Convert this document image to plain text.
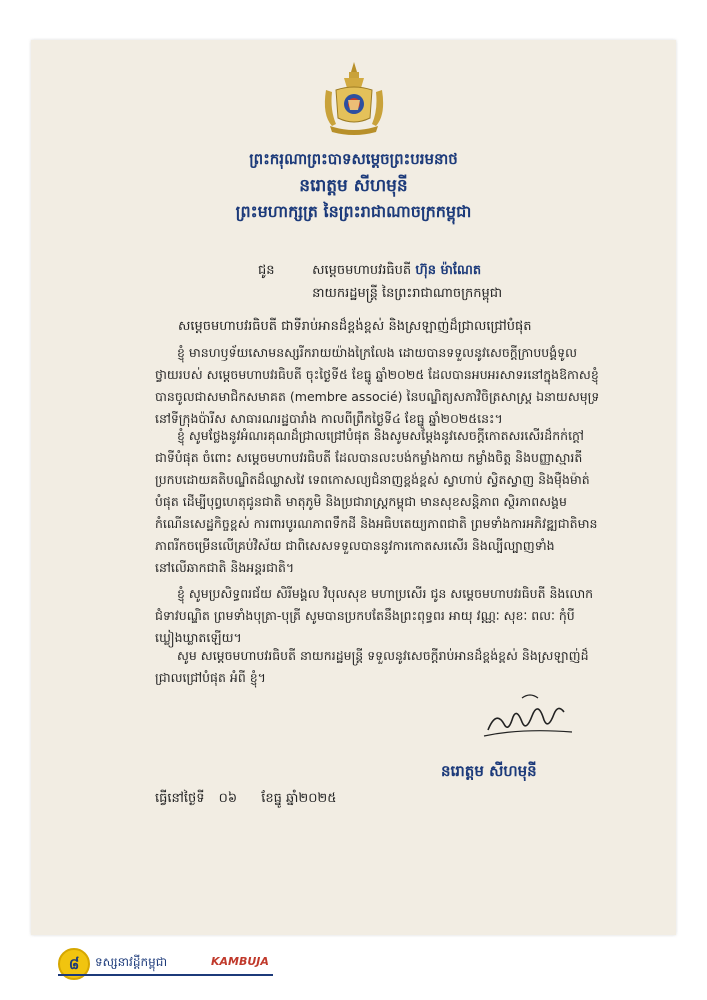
ព្រះករុណាព្រះបាទសម្តេចព្រះបរមនាថ
នរោត្តម សីហមុនី
ព្រះមហាក្សត្រ នៃព្រះរាជាណាចក្រកម្ពុជា
ជូន	សម្តេចមហាបវរធិបតី ហ៊ុន ម៉ាណែត
នាយករដ្ឋមន្ត្រី នៃព្រះរាជាណាចក្រកម្ពុជា
សម្តេចមហាបវរធិបតី ជាទីរាប់អានដ៏ខ្ពង់ខ្ពស់ និងស្រឡាញ់ដ៏ជ្រាលជ្រៅបំផុត
ខ្ញុំ មានហឫទ័យសោមនស្សរីករាយយ៉ាងក្រៃលែង ដោយបានទទួលនូវសេចក្តីក្រាបបង្គំទូលថ្វាយរបស់ សម្តេចមហាបវរធិបតី ចុះថ្ងៃទី៥ ខែធ្នូ ឆ្នាំ២០២៥ ដែលបានអបអរសាទរនៅក្នុងឱកាសខ្ញុំ បានចូលជាសមាជិកសមាគត (membre associé) នៃបណ្ឌិត្យសភាវិចិត្រសាស្ត្រ ឯនាយសមុទ្រ នៅទីក្រុងប៉ារីស សាធារណរដ្ឋបារាំង កាលពីព្រឹកថ្ងៃទី៤ ខែធ្នូ ឆ្នាំ២០២៥នេះ។
ខ្ញុំ សូមថ្លែងនូវអំណរគុណដ៏ជ្រាលជ្រៅបំផុត និងសូមសម្តែងនូវសេចក្តីកោតសរសើរដ៏កក់ក្តៅជាទីបំផុត ចំពោះ សម្តេចមហាបវរធិបតី ដែលបានលះបង់កម្លាំងកាយ កម្លាំងចិត្ត និងបញ្ញាស្មារតី ប្រកបដោយគតិបណ្ឌិតដ៏ឈ្លាសវៃ ទេពកោសល្យជំនាញខ្ពង់ខ្ពស់ ស្វាហាប់ ស្វិតស្វាញ និងម៉ឺងម៉ាត់បំផុត ដើម្បីបុព្វហេតុជូនជាតិ មាតុភូមិ និងប្រជារាស្ត្រកម្ពុជា មានសុខសន្តិភាព ស្ថិរភាពសង្គម កំណើនសេដ្ឋកិច្ចខ្ពស់ ការពារបូរណភាពទឹកដី និងអធិបតេយ្យភាពជាតិ ព្រមទាំងការអភិវឌ្ឍជាតិមានភាពរីកចម្រើនលើគ្រប់វិស័យ ជាពិសេសទទួលបាននូវការកោតសរសើរ និងល្បីល្បាញទាំងនៅលើឆាកជាតិ និងអន្តរជាតិ។
ខ្ញុំ សូមប្រសិទ្ធពរជ័យ សិរីមង្គល វិបុលសុខ មហាប្រសើរ ជូន សម្តេចមហាបវរធិបតី និងលោកជំទាវបណ្ឌិត ព្រមទាំងបុត្រា-បុត្រី សូមបានប្រកបតែនឹងព្រះពុទ្ធពរ អាយុ វណ្ណៈ សុខៈ ពលៈ កុំបីឃ្លៀងឃ្លាតឡើយ។
សូម សម្តេចមហាបវរធិបតី នាយករដ្ឋមន្ត្រី ទទួលនូវសេចក្តីរាប់អានដ៏ខ្ពង់ខ្ពស់ និងស្រឡាញ់ដ៏ជ្រាលជ្រៅបំផុត អំពី ខ្ញុំ។
នរោត្តម សីហមុនី
ធ្វើនៅថ្ងៃទី ០៦ ខែធ្នូ ឆ្នាំ២០២៥
៨	ទស្សនាវដ្តីកម្ពុជា	KAMBUJA
